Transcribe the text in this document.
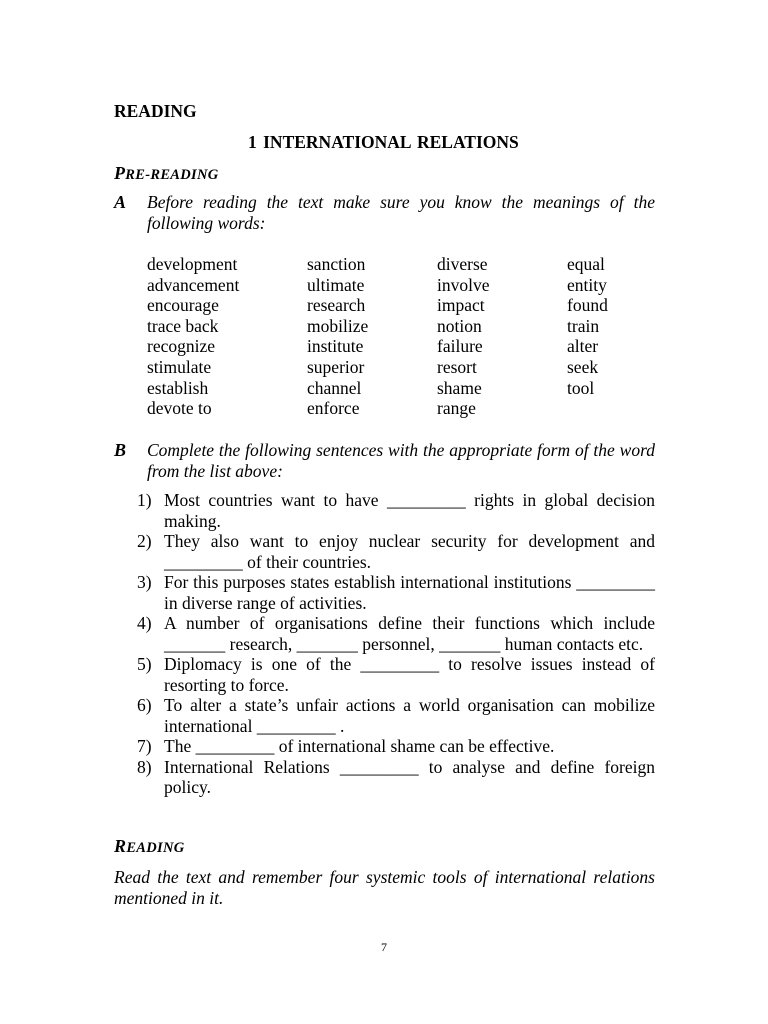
READING
1 INTERNATIONAL RELATIONS
PRE-READING
A Before reading the text make sure you know the meanings of the following words:
development	sanction	diverse	equal
advancement	ultimate	involve	entity
encourage	research	impact	found
trace back	mobilize	notion	train
recognize	institute	failure	alter
stimulate	superior	resort	seek
establish	channel	shame	tool
devote to	enforce	range
B Complete the following sentences with the appropriate form of the word from the list above:
1) Most countries want to have _________ rights in global decision making.
2) They also want to enjoy nuclear security for development and _________ of their countries.
3) For this purposes states establish international institutions _________ in diverse range of activities.
4) A number of organisations define their functions which include _______ research, _______ personnel, _______ human contacts etc.
5) Diplomacy is one of the _________ to resolve issues instead of resorting to force.
6) To alter a state’s unfair actions a world organisation can mobilize international _________ .
7) The _________ of international shame can be effective.
8) International Relations _________ to analyse and define foreign policy.
READING
Read the text and remember four systemic tools of international relations mentioned in it.
7
